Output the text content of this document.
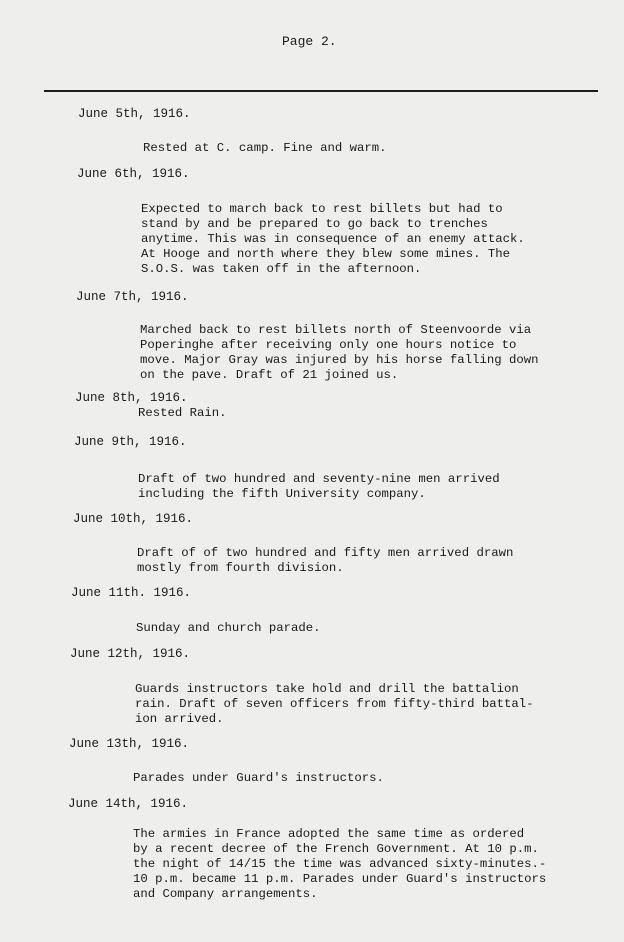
Page 2.
June 5th, 1916.
Rested at C. camp. Fine and warm.
June 6th, 1916.
Expected to march back to rest billets but had to
stand by and be prepared to go back to trenches
anytime. This was in consequence of an enemy attack.
At Hooge and north where they blew some mines. The
S.O.S. was taken off in the afternoon.
June 7th, 1916.
Marched back to rest billets north of Steenvoorde via
Poperinghe after receiving only one hours notice to
move. Major Gray was injured by his horse falling down
on the pave. Draft of 21 joined us.
June 8th, 1916.
Rested Rain.
June 9th, 1916.
Draft of two hundred and seventy-nine men arrived
including the fifth University company.
June 10th, 1916.
Draft of of two hundred and fifty men arrived drawn
mostly from fourth division.
June 11th. 1916.
Sunday and church parade.
June 12th, 1916.
Guards instructors take hold and drill the battalion
rain. Draft of seven officers from fifty-third battal-
ion arrived.
June 13th, 1916.
Parades under Guard's instructors.
June 14th, 1916.
The armies in France adopted the same time as ordered
by a recent decree of the French Government. At 10 p.m.
the night of 14/15 the time was advanced sixty-minutes.-
10 p.m. became 11 p.m. Parades under Guard's instructors
and Company arrangements.
